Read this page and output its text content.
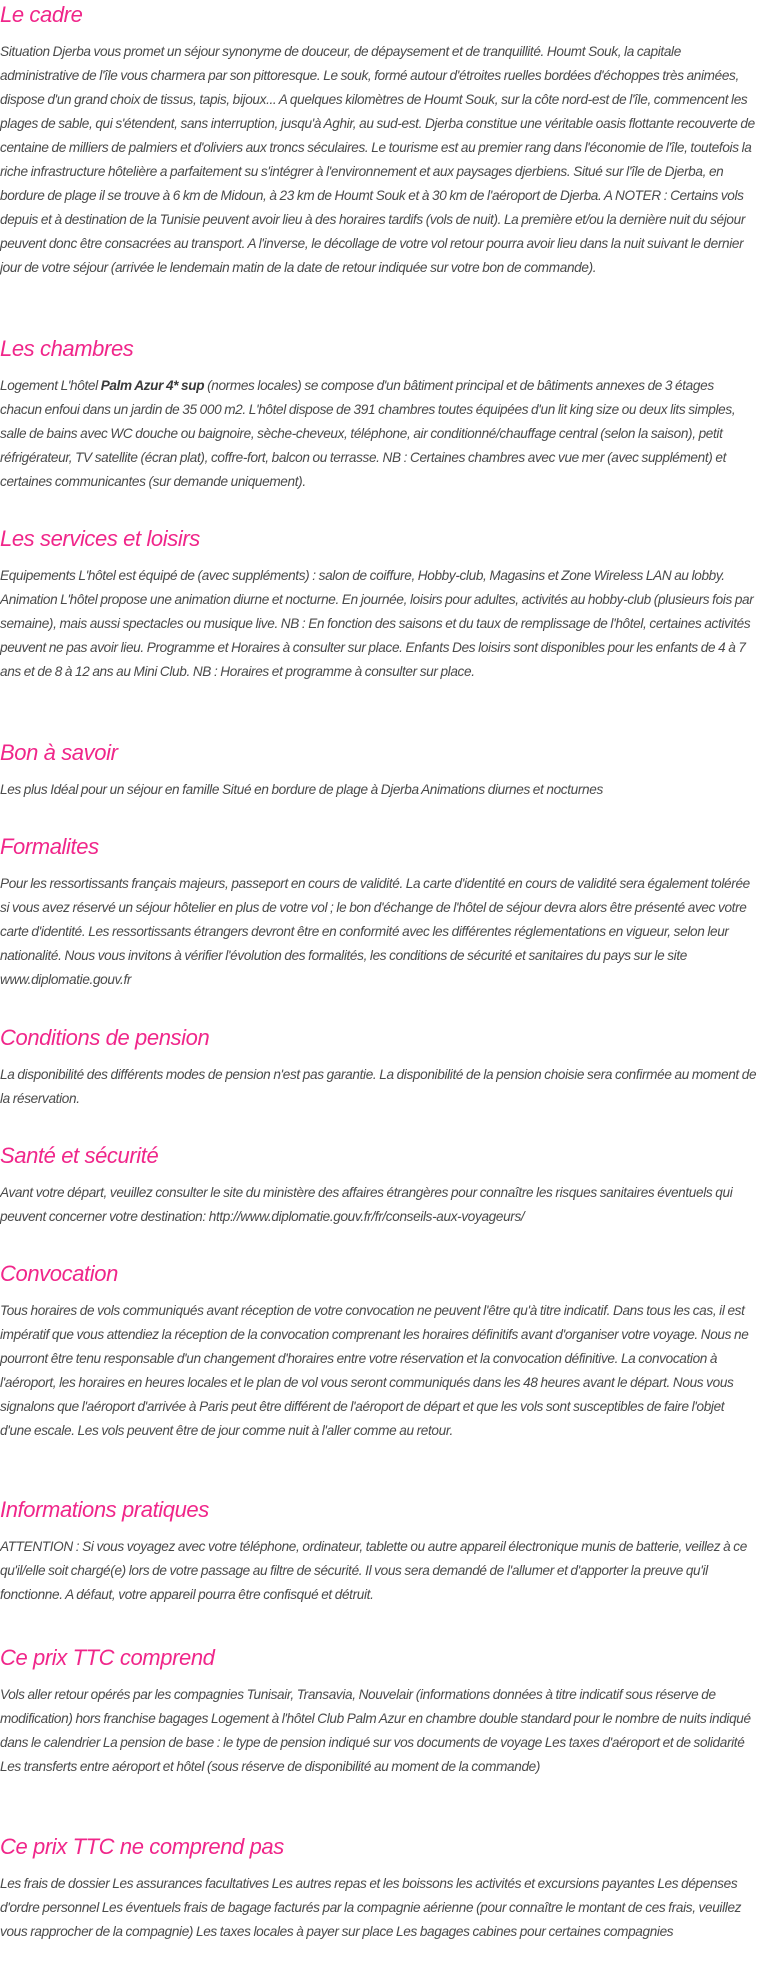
Le cadre

Situation Djerba vous promet un séjour synonyme de douceur, de dépaysement et de tranquillité. Houmt Souk, la capitale administrative de l'île vous charmera par son pittoresque. Le souk, formé autour d'étroites ruelles bordées d'échoppes très animées, dispose d'un grand choix de tissus, tapis, bijoux... A quelques kilomètres de Houmt Souk, sur la côte nord-est de l'île, commencent les plages de sable, qui s'étendent, sans interruption, jusqu'à Aghir, au sud-est. Djerba constitue une véritable oasis flottante recouverte de centaine de milliers de palmiers et d'oliviers aux troncs séculaires. Le tourisme est au premier rang dans l'économie de l'île, toutefois la riche infrastructure hôtelière a parfaitement su s'intégrer à l'environnement et aux paysages djerbiens. Situé sur l'île de Djerba, en bordure de plage il se trouve à 6 km de Midoun, à 23 km de Houmt Souk et à 30 km de l'aéroport de Djerba. A NOTER : Certains vols depuis et à destination de la Tunisie peuvent avoir lieu à des horaires tardifs (vols de nuit). La première et/ou la dernière nuit du séjour peuvent donc être consacrées au transport. A l'inverse, le décollage de votre vol retour pourra avoir lieu dans la nuit suivant le dernier jour de votre séjour (arrivée le lendemain matin de la date de retour indiquée sur votre bon de commande).

Les chambres

Logement L'hôtel Palm Azur 4* sup (normes locales) se compose d'un bâtiment principal et de bâtiments annexes de 3 étages chacun enfoui dans un jardin de 35 000 m2. L'hôtel dispose de 391 chambres toutes équipées d'un lit king size ou deux lits simples, salle de bains avec WC douche ou baignoire, sèche-cheveux, téléphone, air conditionné/chauffage central (selon la saison), petit réfrigérateur, TV satellite (écran plat), coffre-fort, balcon ou terrasse. NB : Certaines chambres avec vue mer (avec supplément) et certaines communicantes (sur demande uniquement).

Les services et loisirs

Equipements L'hôtel est équipé de (avec suppléments) : salon de coiffure, Hobby-club, Magasins et Zone Wireless LAN au lobby. Animation L'hôtel propose une animation diurne et nocturne. En journée, loisirs pour adultes, activités au hobby-club (plusieurs fois par semaine), mais aussi spectacles ou musique live. NB : En fonction des saisons et du taux de remplissage de l'hôtel, certaines activités peuvent ne pas avoir lieu. Programme et Horaires à consulter sur place. Enfants Des loisirs sont disponibles pour les enfants de 4 à 7 ans et de 8 à 12 ans au Mini Club. NB : Horaires et programme à consulter sur place.

Bon à savoir

Les plus Idéal pour un séjour en famille Situé en bordure de plage à Djerba Animations diurnes et nocturnes

Formalites

Pour les ressortissants français majeurs, passeport en cours de validité. La carte d'identité en cours de validité sera également tolérée si vous avez réservé un séjour hôtelier en plus de votre vol ; le bon d'échange de l'hôtel de séjour devra alors être présenté avec votre carte d'identité. Les ressortissants étrangers devront être en conformité avec les différentes réglementations en vigueur, selon leur nationalité. Nous vous invitons à vérifier l'évolution des formalités, les conditions de sécurité et sanitaires du pays sur le site www.diplomatie.gouv.fr

Conditions de pension

La disponibilité des différents modes de pension n'est pas garantie. La disponibilité de la pension choisie sera confirmée au moment de la réservation.

Santé et sécurité

Avant votre départ, veuillez consulter le site du ministère des affaires étrangères pour connaître les risques sanitaires éventuels qui peuvent concerner votre destination: http://www.diplomatie.gouv.fr/fr/conseils-aux-voyageurs/

Convocation

Tous horaires de vols communiqués avant réception de votre convocation ne peuvent l'être qu'à titre indicatif. Dans tous les cas, il est impératif que vous attendiez la réception de la convocation comprenant les horaires définitifs avant d'organiser votre voyage. Nous ne pourront être tenu responsable d'un changement d'horaires entre votre réservation et la convocation définitive. La convocation à l'aéroport, les horaires en heures locales et le plan de vol vous seront communiqués dans les 48 heures avant le départ. Nous vous signalons que l'aéroport d'arrivée à Paris peut être différent de l'aéroport de départ et que les vols sont susceptibles de faire l'objet d'une escale. Les vols peuvent être de jour comme nuit à l'aller comme au retour.

Informations pratiques

ATTENTION : Si vous voyagez avec votre téléphone, ordinateur, tablette ou autre appareil électronique munis de batterie, veillez à ce qu'il/elle soit chargé(e) lors de votre passage au filtre de sécurité. Il vous sera demandé de l'allumer et d'apporter la preuve qu'il fonctionne. A défaut, votre appareil pourra être confisqué et détruit.

Ce prix TTC comprend

Vols aller retour opérés par les compagnies Tunisair, Transavia, Nouvelair (informations données à titre indicatif sous réserve de modification) hors franchise bagages Logement à l'hôtel Club Palm Azur en chambre double standard pour le nombre de nuits indiqué dans le calendrier La pension de base : le type de pension indiqué sur vos documents de voyage Les taxes d'aéroport et de solidarité Les transferts entre aéroport et hôtel (sous réserve de disponibilité au moment de la commande)

Ce prix TTC ne comprend pas

Les frais de dossier Les assurances facultatives Les autres repas et les boissons les activités et excursions payantes Les dépenses d'ordre personnel Les éventuels frais de bagage facturés par la compagnie aérienne (pour connaître le montant de ces frais, veuillez vous rapprocher de la compagnie) Les taxes locales à payer sur place Les bagages cabines pour certaines compagnies
